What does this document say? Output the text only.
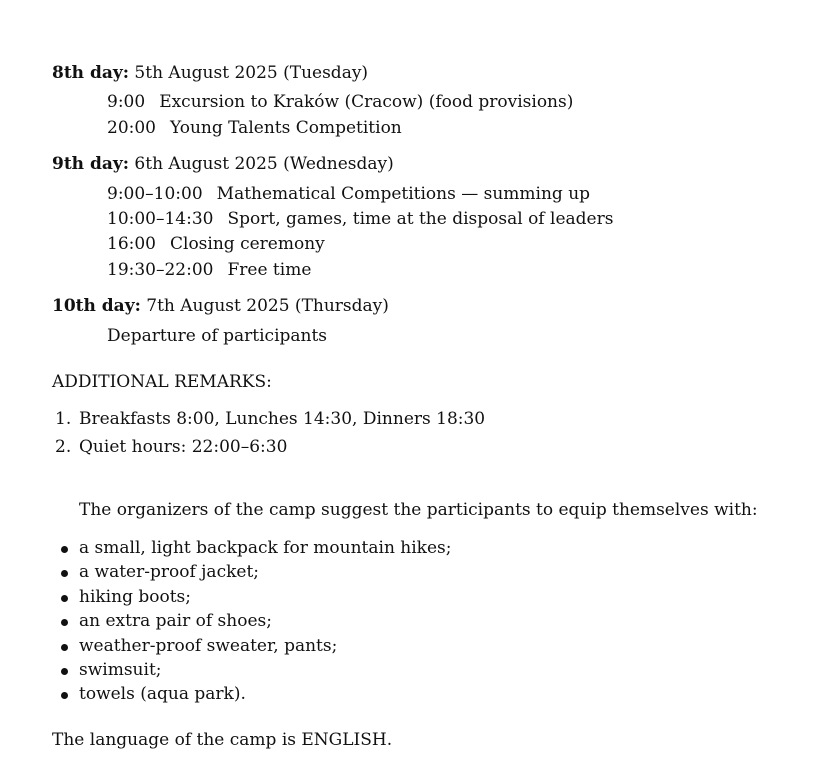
8th day: 5th August 2025 (Tuesday)
9:00 Excursion to Kraków (Cracow) (food provisions)
20:00 Young Talents Competition
9th day: 6th August 2025 (Wednesday)
9:00–10:00 Mathematical Competitions — summing up
10:00–14:30 Sport, games, time at the disposal of leaders
16:00 Closing ceremony
19:30–22:00 Free time
10th day: 7th August 2025 (Thursday)
Departure of participants
ADDITIONAL REMARKS:
1. Breakfasts 8:00, Lunches 14:30, Dinners 18:30
2. Quiet hours: 22:00–6:30
The organizers of the camp suggest the participants to equip themselves with:
a small, light backpack for mountain hikes;
a water-proof jacket;
hiking boots;
an extra pair of shoes;
weather-proof sweater, pants;
swimsuit;
towels (aqua park).
The language of the camp is ENGLISH.
